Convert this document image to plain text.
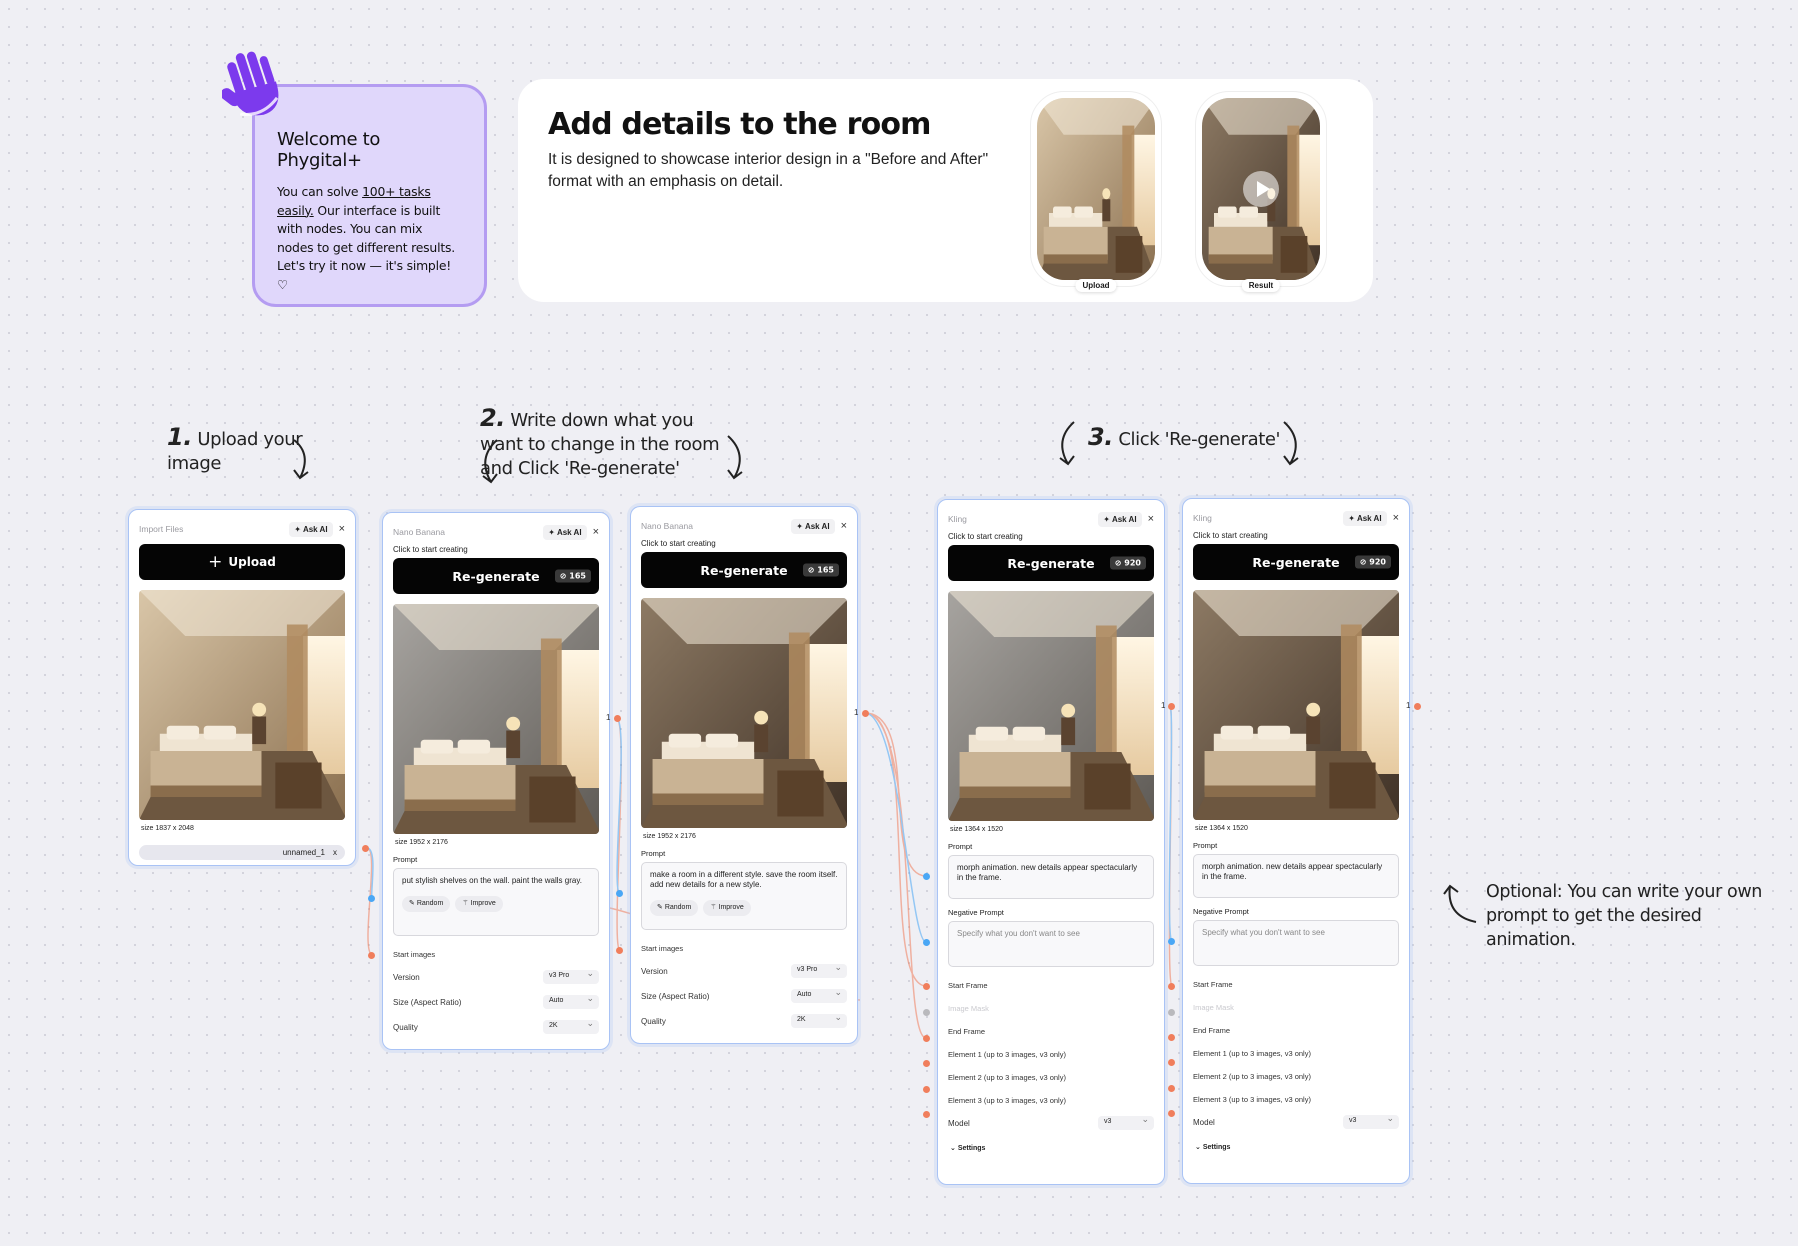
Welcome to Phygital+

You can solve 100+ tasks easily. Our interface is built with nodes. You can mix nodes to get different results. Let's try it now — it's simple! ♡

Add details to the room
It is designed to showcase interior design in a "Before and After" format with an emphasis on detail.
Upload	Result
1. Upload your image
2. Write down what you want to change in the room and Click 'Re-generate'
3. Click 'Re-generate'
Optional: You can write your own prompt to get the desired animation.
Import Files	✦ Ask AI	×
+ Upload
size 1837 x 2048
unnamed_1 x
Nano Banana	✦ Ask AI	×
Click to start creating
Re-generate	⊘ 165
size 1952 x 2176
Prompt
put stylish shelves on the wall. paint the walls gray.
✎ Random	⚚ Improve
Start images
Version	v3 Pro ⌄
Size (Aspect Ratio)	Auto ⌄
Quality	2K ⌄
1
Nano Banana	✦ Ask AI	×
Click to start creating
Re-generate	⊘ 165
size 1952 x 2176
Prompt
make a room in a different style. save the room itself. add new details for a new style.
✎ Random	⚚ Improve
Start images
Version	v3 Pro ⌄
Size (Aspect Ratio)	Auto ⌄
Quality	2K ⌄
1
Kling	✦ Ask AI	×
Click to start creating
Re-generate	⊘ 920
size 1364 x 1520
Prompt
morph animation. new details appear spectacularly in the frame.
Negative Prompt
Specify what you don't want to see
Start Frame
Image Mask
End Frame
Element 1 (up to 3 images, v3 only)
Element 2 (up to 3 images, v3 only)
Element 3 (up to 3 images, v3 only)
Model	v3 ⌄
⌄ Settings
1
Kling	✦ Ask AI	×
Click to start creating
Re-generate	⊘ 920
size 1364 x 1520
Prompt
morph animation. new details appear spectacularly in the frame.
Negative Prompt
Specify what you don't want to see
Start Frame
Image Mask
End Frame
Element 1 (up to 3 images, v3 only)
Element 2 (up to 3 images, v3 only)
Element 3 (up to 3 images, v3 only)
Model	v3 ⌄
⌄ Settings
1
